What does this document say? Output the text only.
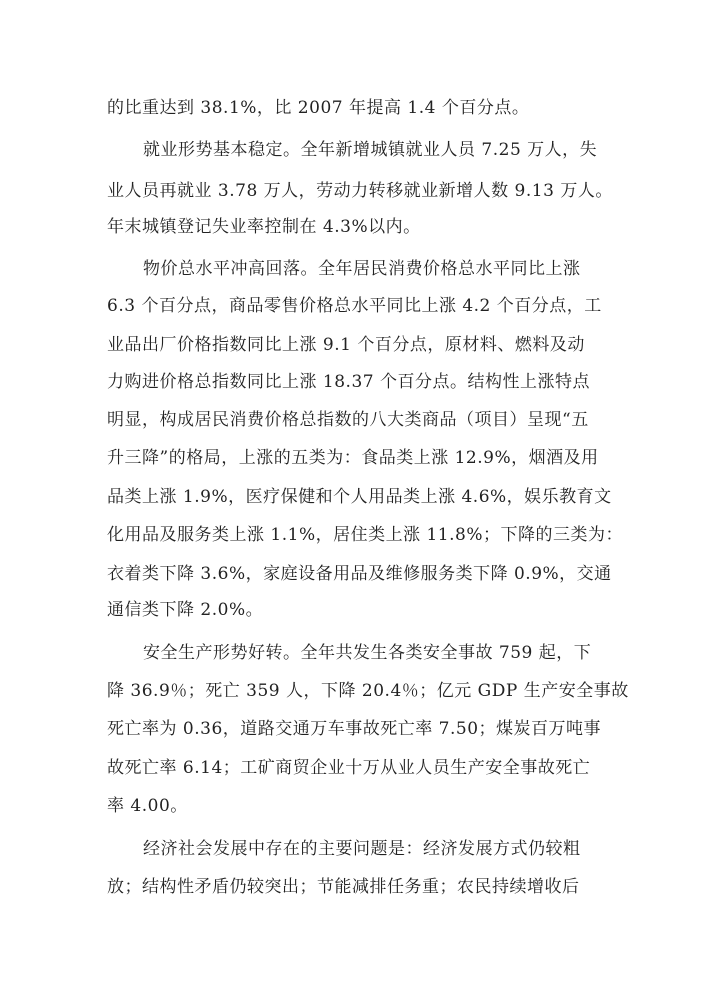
的比重达到 38.1%，比 2007 年提高 1.4 个百分点。
就业形势基本稳定。全年新增城镇就业人员 7.25 万人，失
业人员再就业 3.78 万人，劳动力转移就业新增人数 9.13 万人。
年末城镇登记失业率控制在 4.3%以内。
物价总水平冲高回落。全年居民消费价格总水平同比上涨
6.3 个百分点，商品零售价格总水平同比上涨 4.2 个百分点，工
业品出厂价格指数同比上涨 9.1 个百分点，原材料、燃料及动
力购进价格总指数同比上涨 18.37 个百分点。结构性上涨特点
明显，构成居民消费价格总指数的八大类商品（项目）呈现“五
升三降”的格局，上涨的五类为：食品类上涨 12.9%，烟酒及用
品类上涨 1.9%，医疗保健和个人用品类上涨 4.6%，娱乐教育文
化用品及服务类上涨 1.1%，居住类上涨 11.8%；下降的三类为：
衣着类下降 3.6%，家庭设备用品及维修服务类下降 0.9%，交通
通信类下降 2.0%。
安全生产形势好转。全年共发生各类安全事故 759 起，下
降 36.9％；死亡 359 人，下降 20.4％；亿元 GDP 生产安全事故
死亡率为 0.36，道路交通万车事故死亡率 7.50；煤炭百万吨事
故死亡率 6.14；工矿商贸企业十万从业人员生产安全事故死亡
率 4.00。
经济社会发展中存在的主要问题是：经济发展方式仍较粗
放；结构性矛盾仍较突出；节能减排任务重；农民持续增收后
